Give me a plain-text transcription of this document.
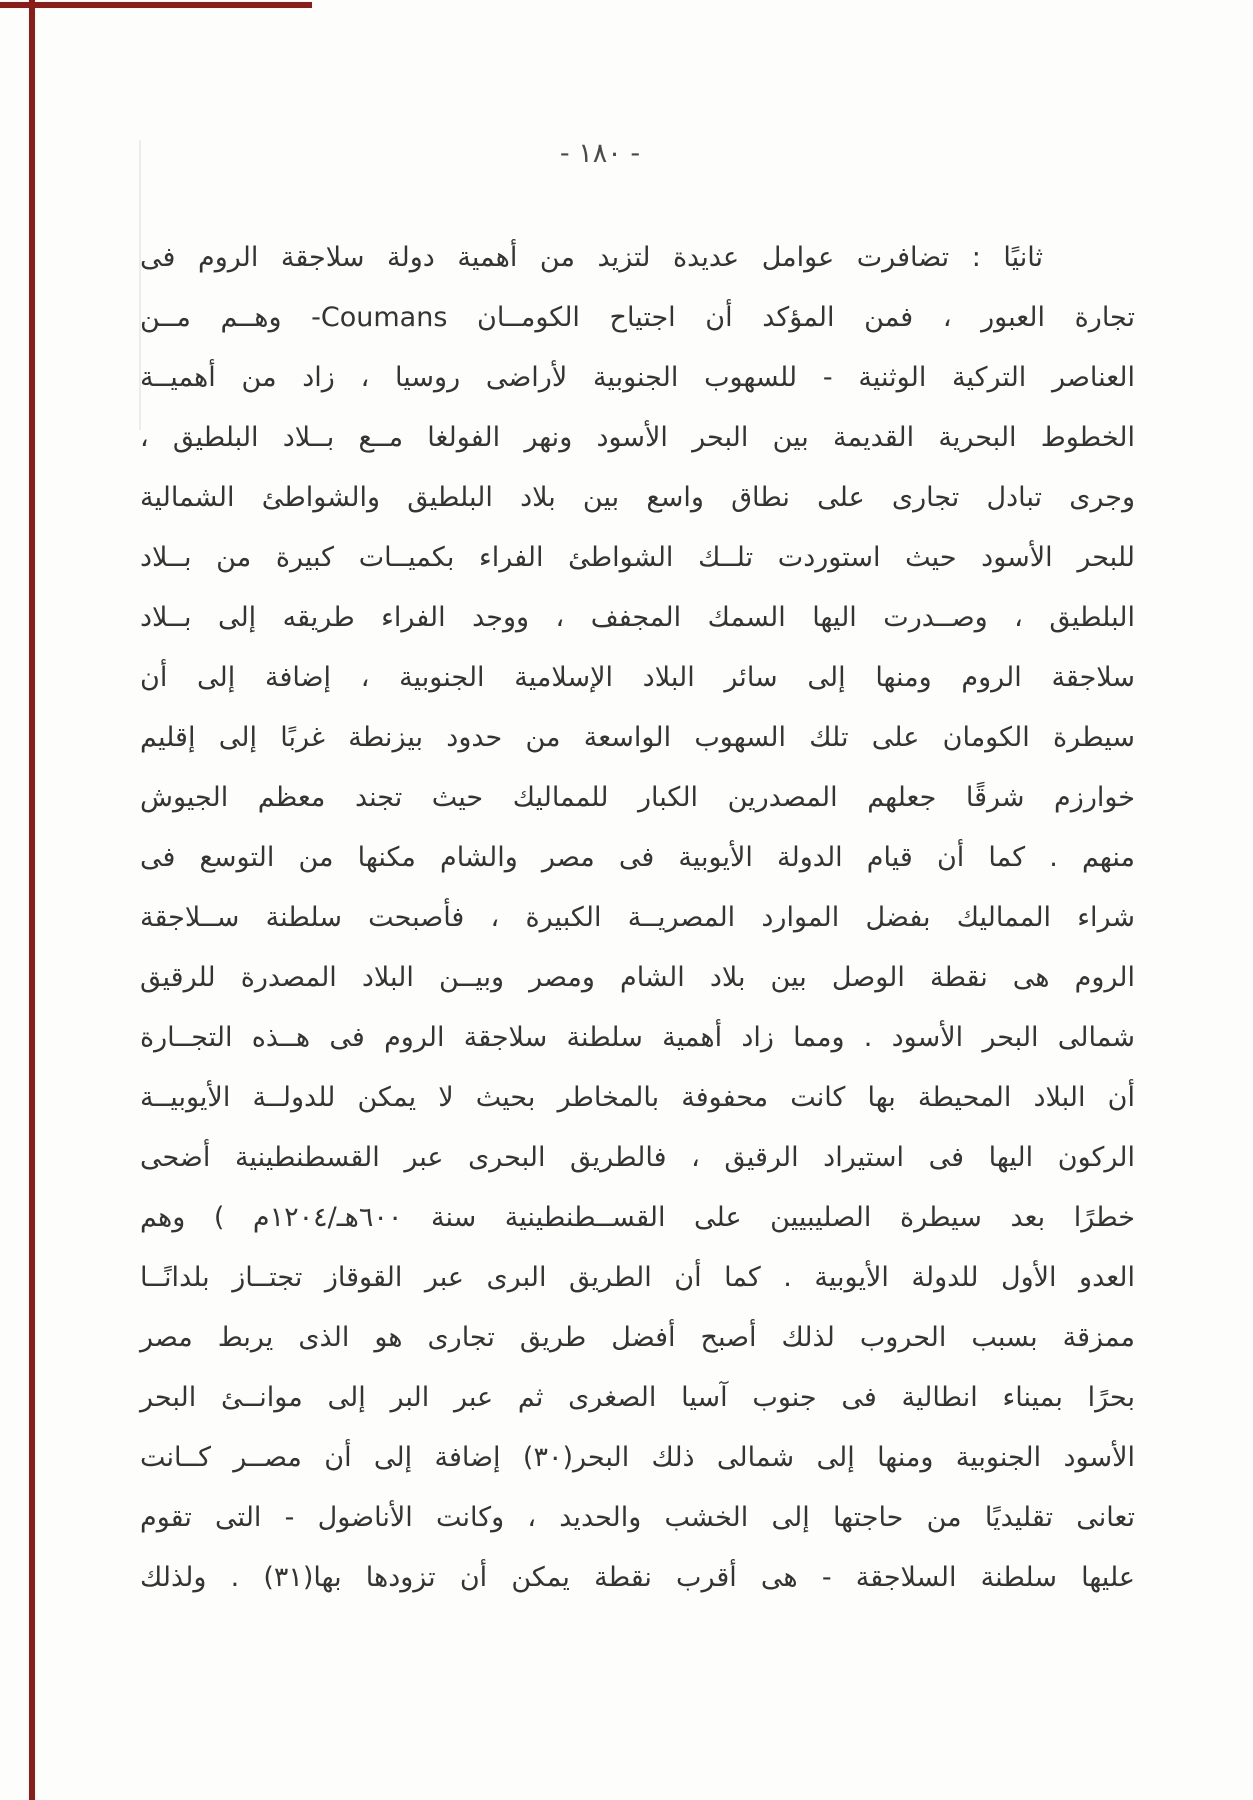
- ١٨٠ -
ثانيًا : تضافرت عوامل عديدة لتزيد من أهمية دولة سلاجقة الروم فى
تجارة العبور ، فمن المؤكد أن اجتياح الكومــان Coumans- وهــم مــن
العناصر التركية الوثنية - للسهوب الجنوبية لأراضى روسيا ، زاد من أهميــة
الخطوط البحرية القديمة بين البحر الأسود ونهر الفولغا مــع بــلاد البلطيق ،
وجرى تبادل تجارى على نطاق واسع بين بلاد البلطيق والشواطئ الشمالية
للبحر الأسود حيث استوردت تلــك الشواطئ الفراء بكميــات كبيرة من بــلاد
البلطيق ، وصــدرت اليها السمك المجفف ، ووجد الفراء طريقه إلى بــلاد
سلاجقة الروم ومنها إلى سائر البلاد الإسلامية الجنوبية ، إضافة إلى أن
سيطرة الكومان على تلك السهوب الواسعة من حدود بيزنطة غربًا إلى إقليم
خوارزم شرقًا جعلهم المصدرين الكبار للمماليك حيث تجند معظم الجيوش
منهم . كما أن قيام الدولة الأيوبية فى مصر والشام مكنها من التوسع فى
شراء المماليك بفضل الموارد المصريــة الكبيرة ، فأصبحت سلطنة ســلاجقة
الروم هى نقطة الوصل بين بلاد الشام ومصر وبيــن البلاد المصدرة للرقيق
شمالى البحر الأسود . ومما زاد أهمية سلطنة سلاجقة الروم فى هــذه التجــارة
أن البلاد المحيطة بها كانت محفوفة بالمخاطر بحيث لا يمكن للدولــة الأيوبيــة
الركون اليها فى استيراد الرقيق ، فالطريق البحرى عبر القسطنطينية أضحى
خطرًا بعد سيطرة الصليبيين على القســطنطينية سنة ٦٠٠هـ/١٢٠٤م ) وهم
العدو الأول للدولة الأيوبية . كما أن الطريق البرى عبر القوقاز تجتــاز بلدانًــا
ممزقة بسبب الحروب لذلك أصبح أفضل طريق تجارى هو الذى يربط مصر
بحرًا بميناء انطالية فى جنوب آسيا الصغرى ثم عبر البر إلى موانــئ البحر
الأسود الجنوبية ومنها إلى شمالى ذلك البحر(٣٠) إضافة إلى أن مصــر كــانت
تعانى تقليديًا من حاجتها إلى الخشب والحديد ، وكانت الأناضول - التى تقوم
عليها سلطنة السلاجقة - هى أقرب نقطة يمكن أن تزودها بها(٣١) . ولذلك
